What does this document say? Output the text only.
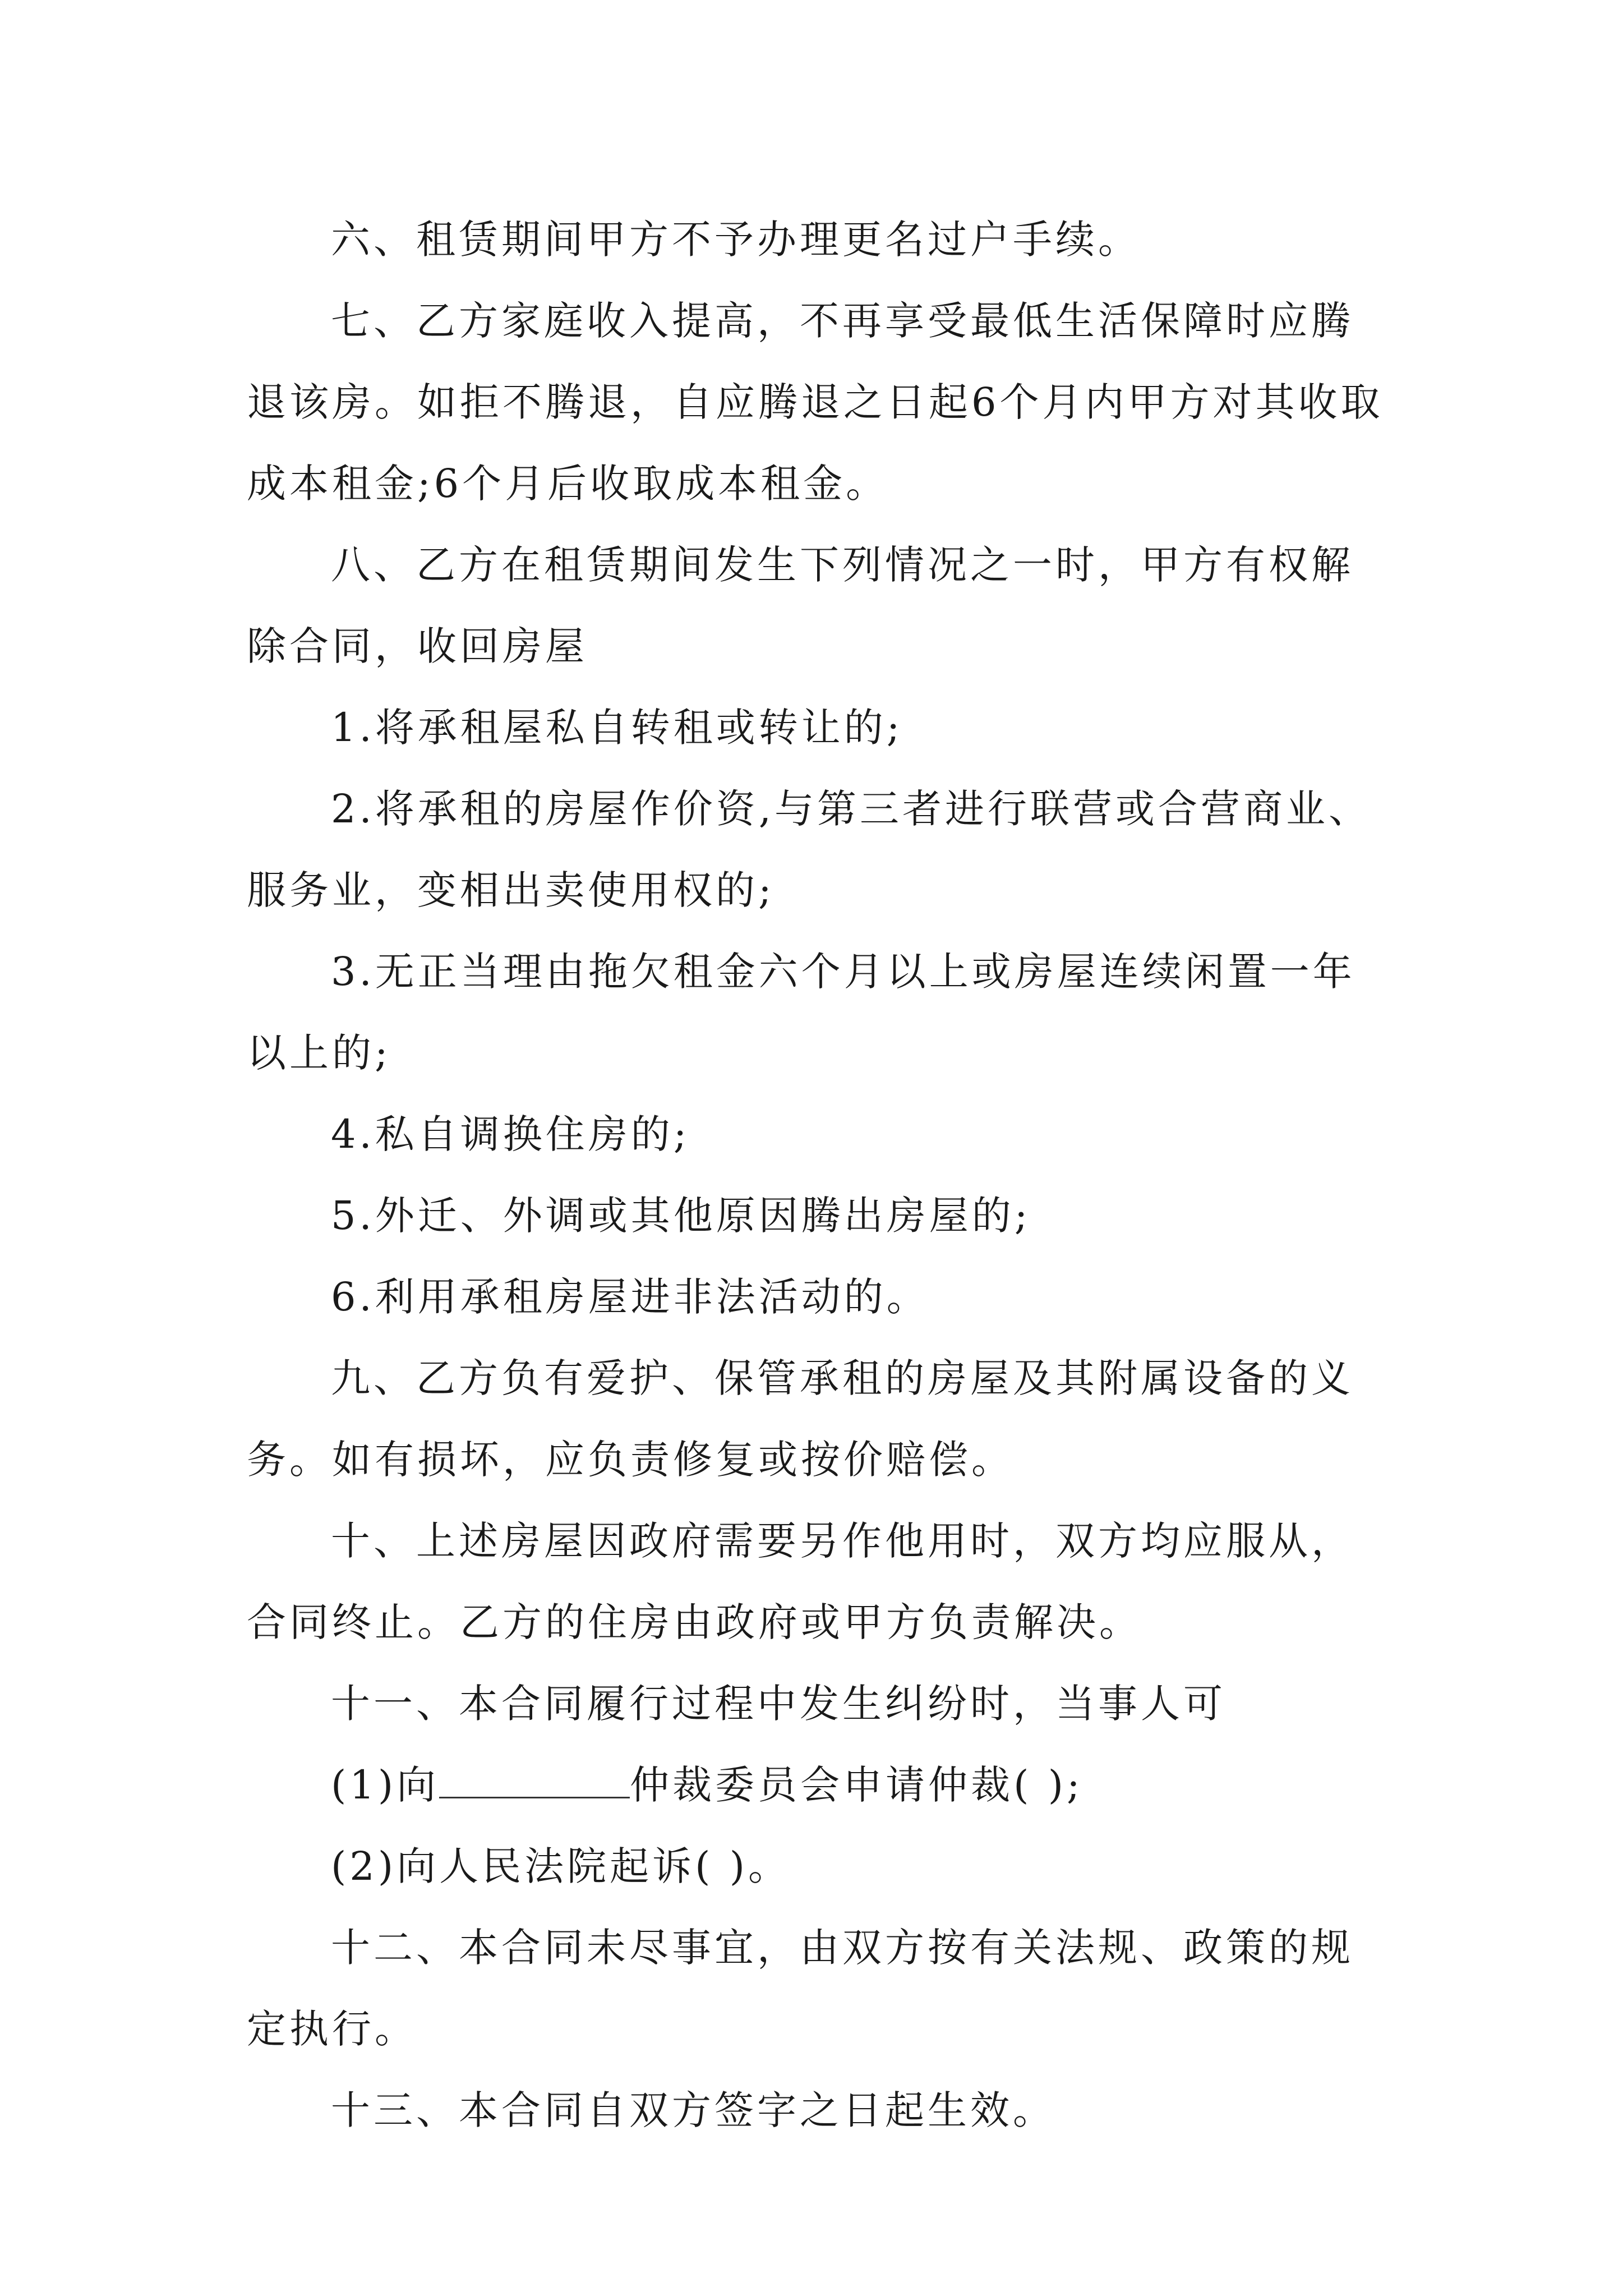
六、租赁期间甲方不予办理更名过户手续。

七、乙方家庭收入提高，不再享受最低生活保障时应腾退该房。如拒不腾退，自应腾退之日起6个月内甲方对其收取成本租金;6个月后收取成本租金。

八、乙方在租赁期间发生下列情况之一时，甲方有权解除合同，收回房屋

1.将承租屋私自转租或转让的;

2.将承租的房屋作价资,与第三者进行联营或合营商业、服务业，变相出卖使用权的;

3.无正当理由拖欠租金六个月以上或房屋连续闲置一年以上的;

4.私自调换住房的;

5.外迁、外调或其他原因腾出房屋的;

6.利用承租房屋进非法活动的。

九、乙方负有爱护、保管承租的房屋及其附属设备的义务。如有损坏，应负责修复或按价赔偿。

十、上述房屋因政府需要另作他用时，双方均应服从，合同终止。乙方的住房由政府或甲方负责解决。

十一、本合同履行过程中发生纠纷时，当事人可

(1)向	仲裁委员会申请仲裁( );

(2)向人民法院起诉( )。

十二、本合同未尽事宜，由双方按有关法规、政策的规定执行。

十三、本合同自双方签字之日起生效。
